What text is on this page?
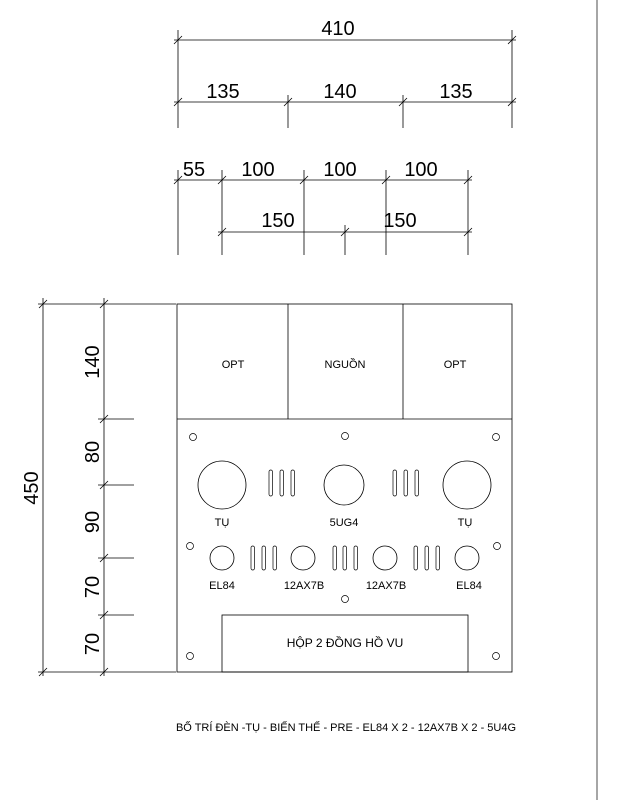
410
135	140	135
55 100 100 100
150	150
450
140
80
90
70
70
OPT	NGUỒN	OPT
TỤ	5UG4	TỤ
EL84	12AX7B	12AX7B	EL84
HỘP 2 ĐỒNG HỒ VU
BỐ TRÍ ĐÈN -TỤ - BIẾN THẾ - PRE - EL84 X 2 - 12AX7B X 2 - 5U4G
